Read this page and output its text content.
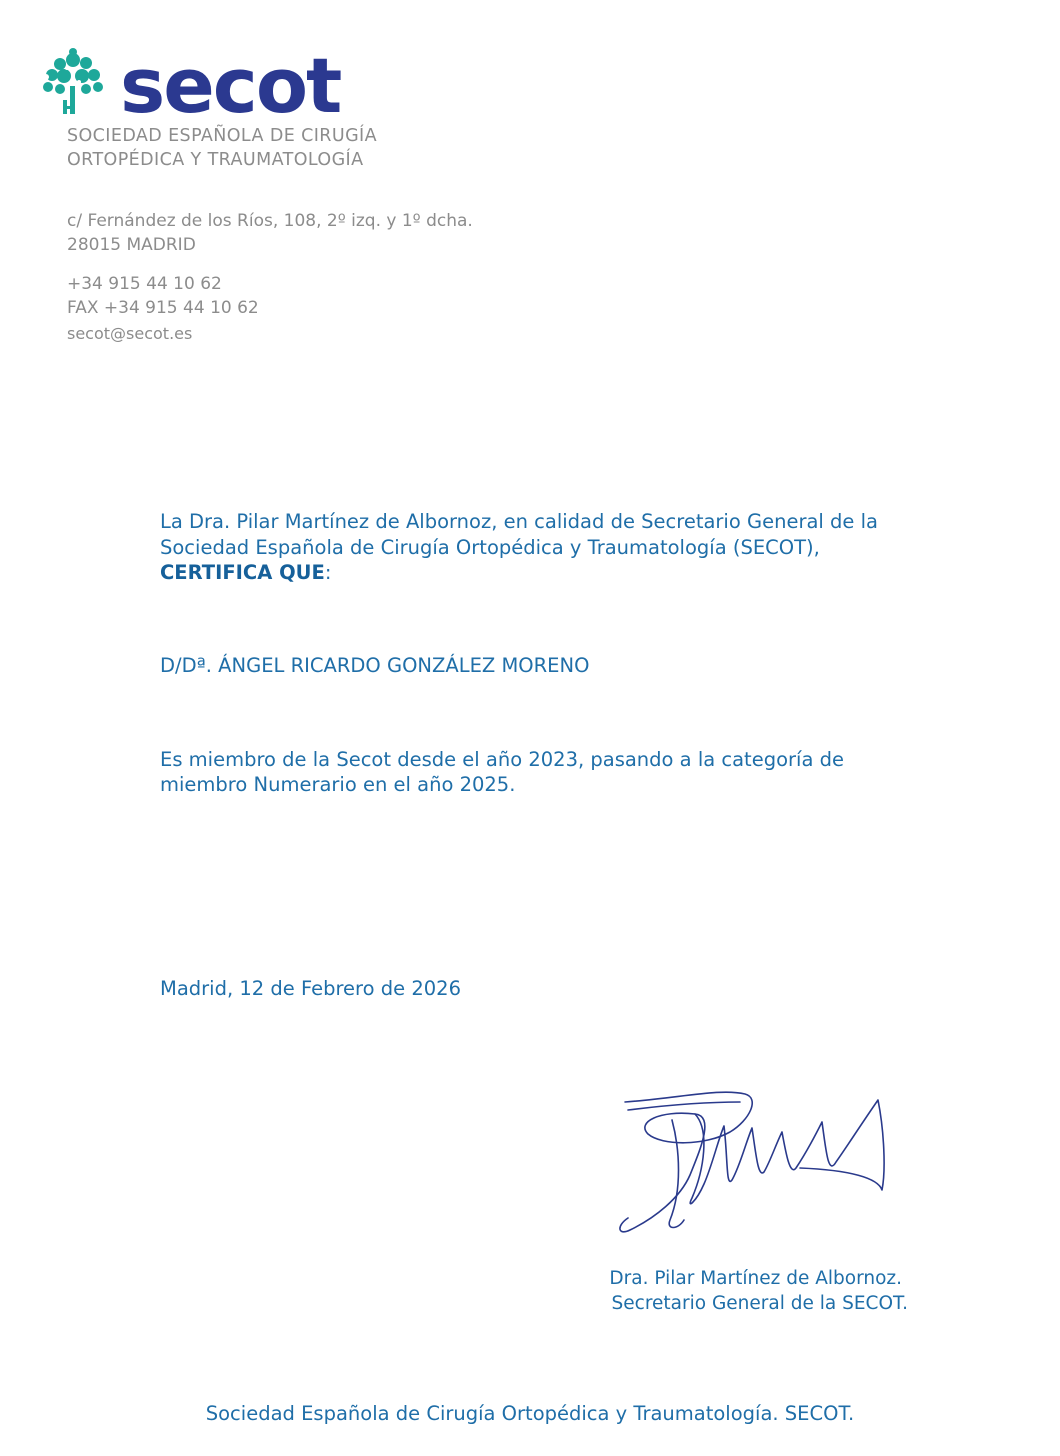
secot
SOCIEDAD ESPAÑOLA DE CIRUGÍA
ORTOPÉDICA Y TRAUMATOLOGÍA
c/ Fernández de los Ríos, 108, 2º izq. y 1º dcha.
28015 MADRID
+34 915 44 10 62
FAX +34 915 44 10 62
secot@secot.es
La Dra. Pilar Martínez de Albornoz, en calidad de Secretario General de la
Sociedad Española de Cirugía Ortopédica y Traumatología (SECOT),
CERTIFICA QUE:
D/Dª. ÁNGEL RICARDO GONZÁLEZ MORENO
Es miembro de la Secot desde el año 2023, pasando a la categoría de
miembro Numerario en el año 2025.
Madrid, 12 de Febrero de 2026
Dra. Pilar Martínez de Albornoz.
Secretario General de la SECOT.
Sociedad Española de Cirugía Ortopédica y Traumatología. SECOT.
